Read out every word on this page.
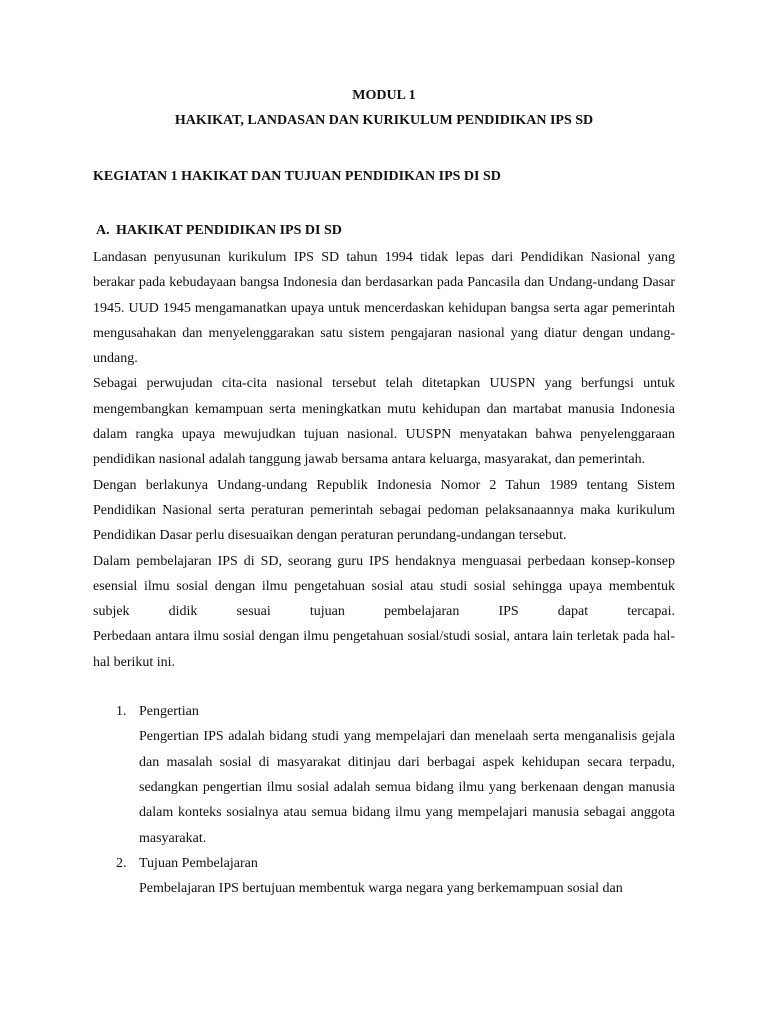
MODUL 1
HAKIKAT, LANDASAN DAN KURIKULUM PENDIDIKAN IPS SD
KEGIATAN 1 HAKIKAT DAN TUJUAN PENDIDIKAN IPS DI SD
A. HAKIKAT PENDIDIKAN IPS DI SD

Landasan penyusunan kurikulum IPS SD tahun 1994 tidak lepas dari Pendidikan Nasional yang berakar pada kebudayaan bangsa Indonesia dan berdasarkan pada Pancasila dan Undang-undang Dasar 1945. UUD 1945 mengamanatkan upaya untuk mencerdaskan kehidupan bangsa serta agar pemerintah mengusahakan dan menyelenggarakan satu sistem pengajaran nasional yang diatur dengan undang-undang.

Sebagai perwujudan cita-cita nasional tersebut telah ditetapkan UUSPN yang berfungsi untuk mengembangkan kemampuan serta meningkatkan mutu kehidupan dan martabat manusia Indonesia dalam rangka upaya mewujudkan tujuan nasional. UUSPN menyatakan bahwa penyelenggaraan pendidikan nasional adalah tanggung jawab bersama antara keluarga, masyarakat, dan pemerintah.

Dengan berlakunya Undang-undang Republik Indonesia Nomor 2 Tahun 1989 tentang Sistem Pendidikan Nasional serta peraturan pemerintah sebagai pedoman pelaksanaannya maka kurikulum Pendidikan Dasar perlu disesuaikan dengan peraturan perundang-undangan tersebut.

Dalam pembelajaran IPS di SD, seorang guru IPS hendaknya menguasai perbedaan konsep-konsep esensial ilmu sosial dengan ilmu pengetahuan sosial atau studi sosial sehingga upaya membentuk subjek didik sesuai tujuan pembelajaran IPS dapat tercapai.

Perbedaan antara ilmu sosial dengan ilmu pengetahuan sosial/studi sosial, antara lain terletak pada hal-hal berikut ini.

1. Pengertian

Pengertian IPS adalah bidang studi yang mempelajari dan menelaah serta menganalisis gejala dan masalah sosial di masyarakat ditinjau dari berbagai aspek kehidupan secara terpadu, sedangkan pengertian ilmu sosial adalah semua bidang ilmu yang berkenaan dengan manusia dalam konteks sosialnya atau semua bidang ilmu yang mempelajari manusia sebagai anggota masyarakat.

2. Tujuan Pembelajaran

Pembelajaran IPS bertujuan membentuk warga negara yang berkemampuan sosial dan
